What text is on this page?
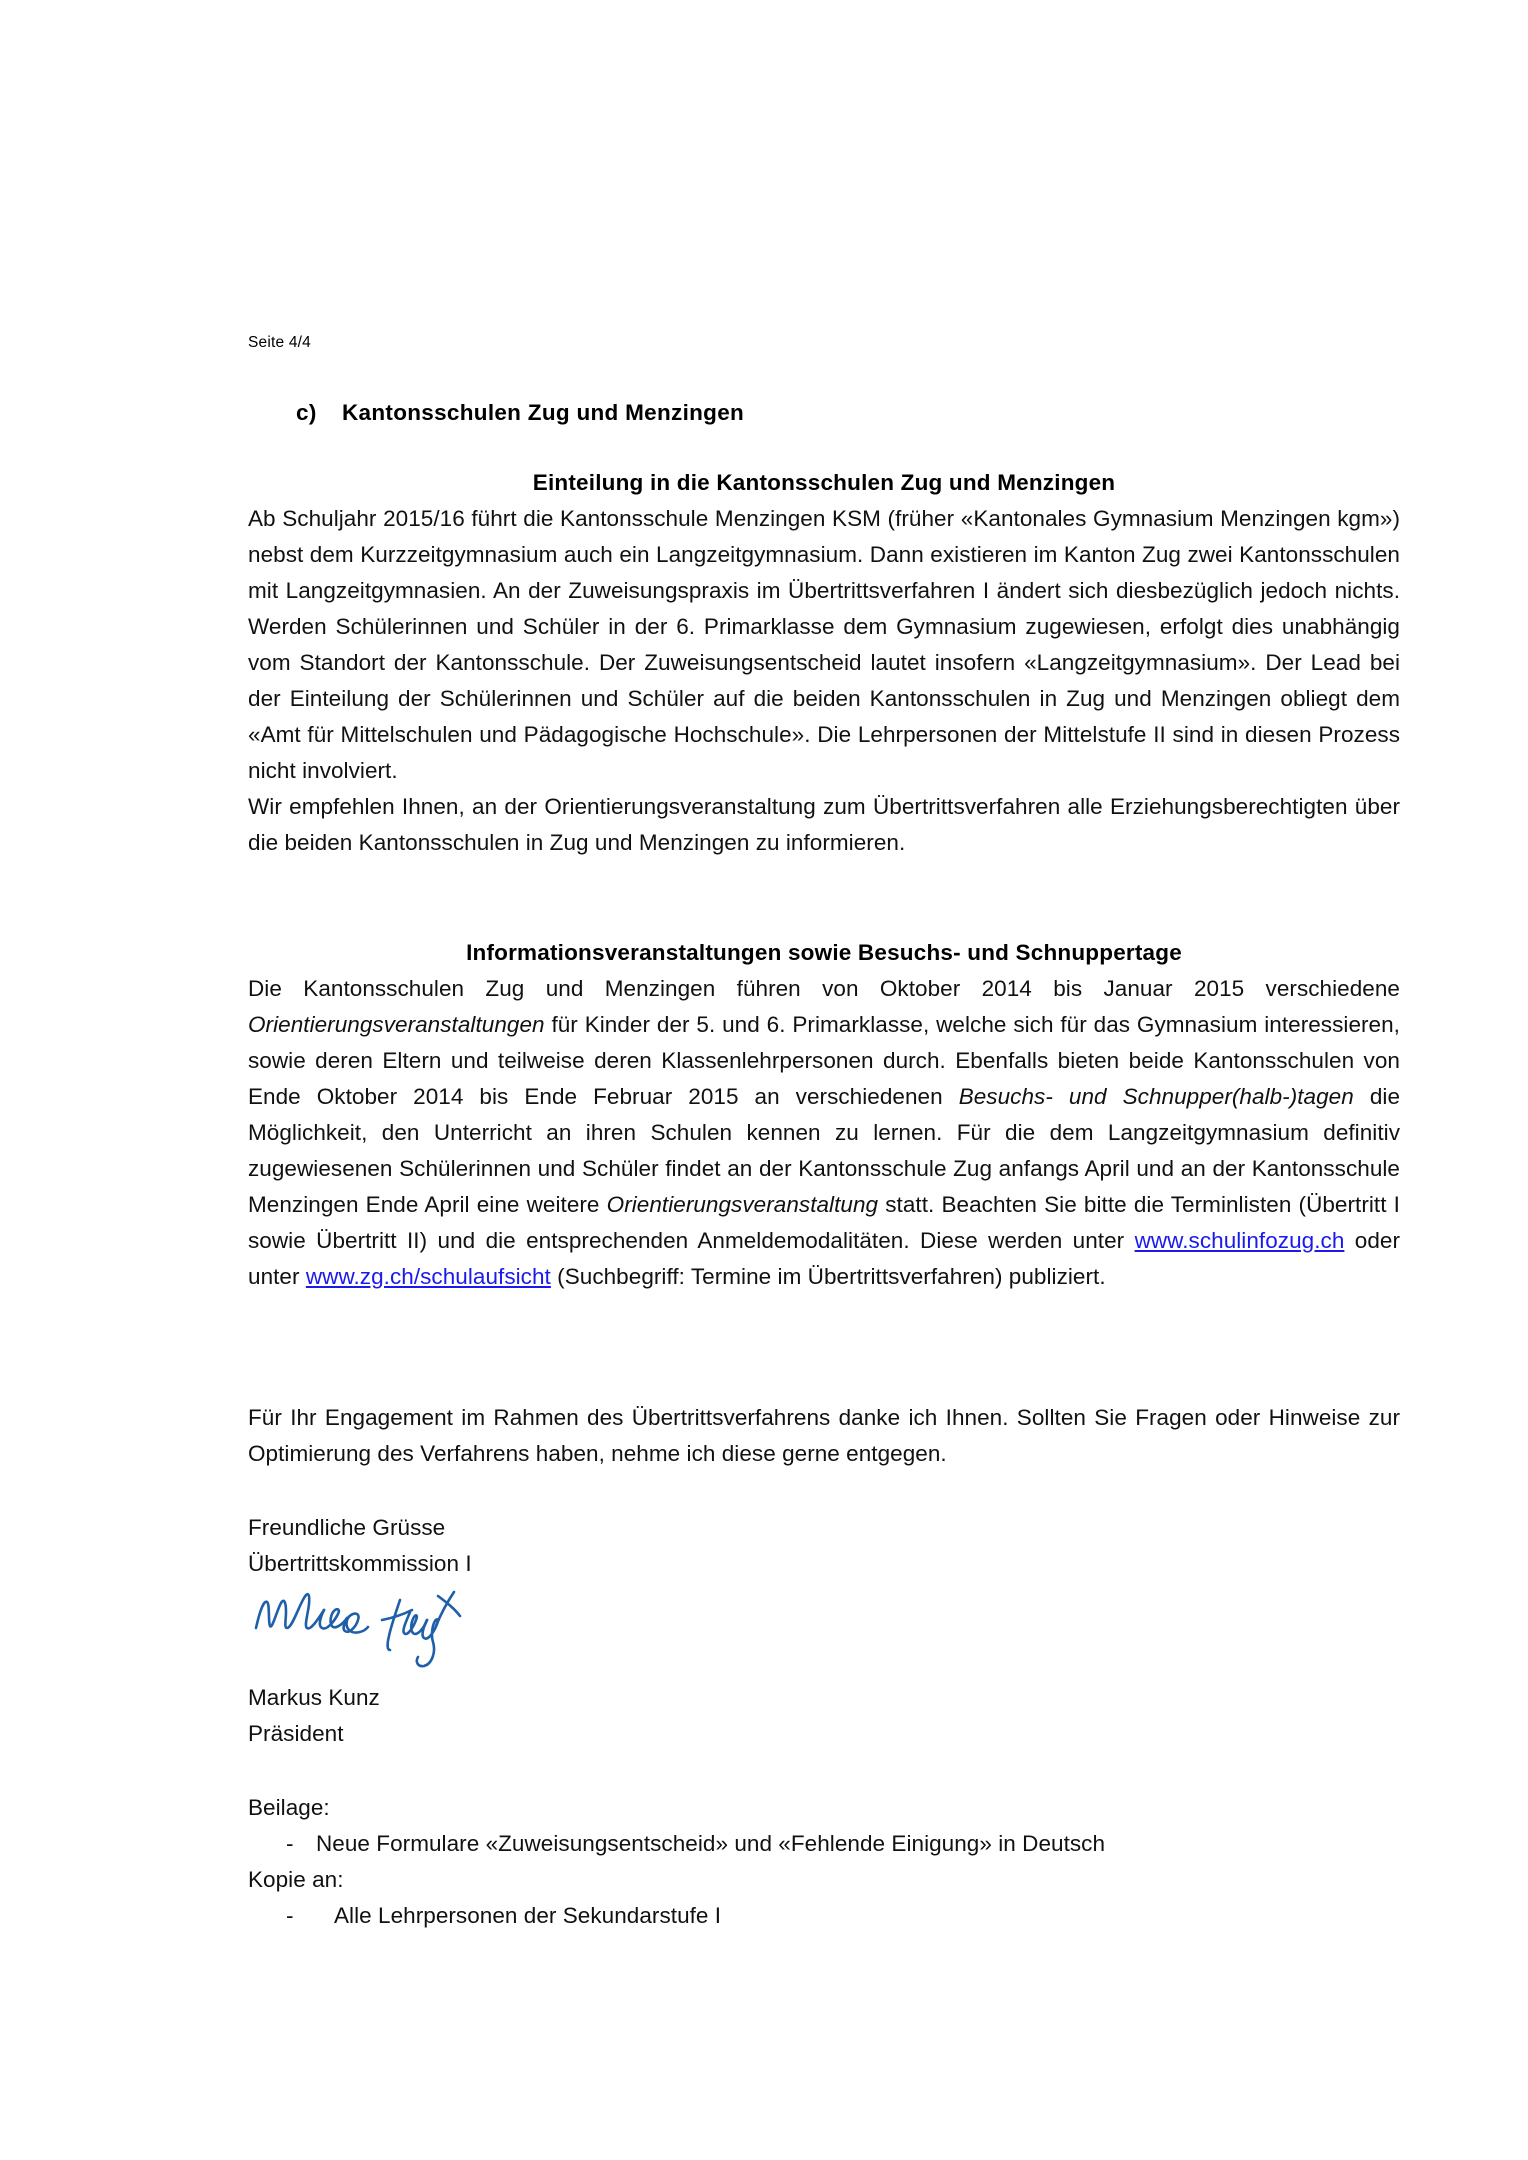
Seite 4/4
c) Kantonsschulen Zug und Menzingen

Einteilung in die Kantonsschulen Zug und Menzingen

Ab Schuljahr 2015/16 führt die Kantonsschule Menzingen KSM (früher «Kantonales Gymnasium Menzingen kgm») nebst dem Kurzzeitgymnasium auch ein Langzeitgymnasium. Dann existieren im Kanton Zug zwei Kantonsschulen mit Langzeitgymnasien. An der Zuweisungspraxis im Übertrittsverfahren I ändert sich diesbezüglich jedoch nichts. Werden Schülerinnen und Schüler in der 6. Primarklasse dem Gymnasium zugewiesen, erfolgt dies unabhängig vom Standort der Kantonsschule. Der Zuweisungsentscheid lautet insofern «Langzeitgymnasium». Der Lead bei der Einteilung der Schülerinnen und Schüler auf die beiden Kantonsschulen in Zug und Menzingen obliegt dem «Amt für Mittelschulen und Pädagogische Hochschule». Die Lehrpersonen der Mittelstufe II sind in diesen Prozess nicht involviert.

Wir empfehlen Ihnen, an der Orientierungsveranstaltung zum Übertrittsverfahren alle Erziehungsberechtigten über die beiden Kantonsschulen in Zug und Menzingen zu informieren.

Informationsveranstaltungen sowie Besuchs- und Schnuppertage

Die Kantonsschulen Zug und Menzingen führen von Oktober 2014 bis Januar 2015 verschiedene Orientierungsveranstaltungen für Kinder der 5. und 6. Primarklasse, welche sich für das Gymnasium interessieren, sowie deren Eltern und teilweise deren Klassenlehrpersonen durch. Ebenfalls bieten beide Kantonsschulen von Ende Oktober 2014 bis Ende Februar 2015 an verschiedenen Besuchs- und Schnupper(halb-)tagen die Möglichkeit, den Unterricht an ihren Schulen kennen zu lernen. Für die dem Langzeitgymnasium definitiv zugewiesenen Schülerinnen und Schüler findet an der Kantonsschule Zug anfangs April und an der Kantonsschule Menzingen Ende April eine weitere Orientierungsveranstaltung statt. Beachten Sie bitte die Terminlisten (Übertritt I sowie Übertritt II) und die entsprechenden Anmeldemodalitäten. Diese werden unter www.schulinfozug.ch oder unter www.zg.ch/schulaufsicht (Suchbegriff: Termine im Übertrittsverfahren) publiziert.

Für Ihr Engagement im Rahmen des Übertrittsverfahrens danke ich Ihnen. Sollten Sie Fragen oder Hinweise zur Optimierung des Verfahrens haben, nehme ich diese gerne entgegen.

Freundliche Grüsse
Übertrittskommission I
Markus Kunz
Präsident
Beilage:
- Neue Formulare «Zuweisungsentscheid» und «Fehlende Einigung» in Deutsch
Kopie an:
- Alle Lehrpersonen der Sekundarstufe I
